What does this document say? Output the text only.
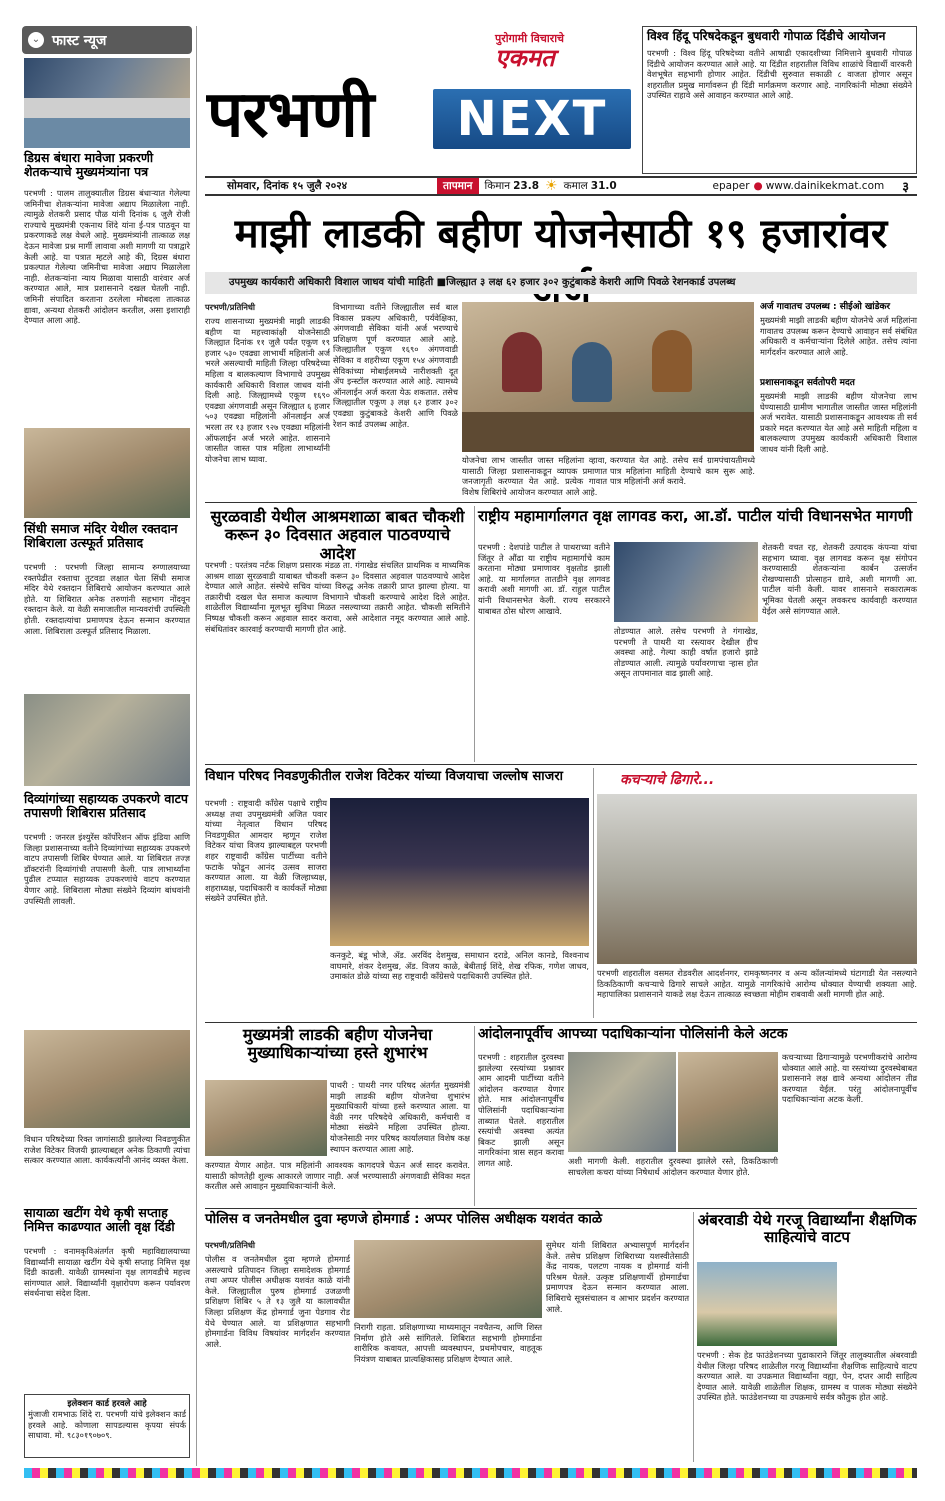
⌄ फास्ट न्यूज
डिग्रस बंधारा मावेजा प्रकरणी शेतकऱ्याचे मुख्यमंत्र्यांना पत्र
परभणी : पालम तालुक्यातील डिग्रस बंधाऱ्यात गेलेल्या जमिनीचा शेतकऱ्यांना मावेजा अद्याप मिळालेला नाही. त्यामुळे शेतकरी प्रसाद पौळ यांनी दिनांक ६ जुलै रोजी राज्याचे मुख्यमंत्री एकनाथ शिंदे यांना ई-पत्र पाठवून या प्रकरणाकडे लक्ष वेधले आहे. मुख्यमंत्र्यांनी तात्काळ लक्ष देऊन मावेजा प्रश्न मार्गी लावावा अशी मागणी या पत्राद्वारे केली आहे. या पत्रात म्हटले आहे की, दिग्रस बंधारा प्रकल्पात गेलेल्या जमिनीचा मावेजा अद्याप मिळालेला नाही. शेतकऱ्यांना न्याय मिळावा यासाठी वारंवार अर्ज करण्यात आले, मात्र प्रशासनाने दखल घेतली नाही. जमिनी संपादित करताना ठरलेला मोबदला तात्काळ द्यावा, अन्यथा शेतकरी आंदोलन करतील, असा इशाराही देण्यात आला आहे.
सिंधी समाज मंदिर येथील रक्तदान शिबिराला उत्स्फूर्त प्रतिसाद
परभणी : परभणी जिल्हा सामान्य रुग्णालयाच्या रक्तपेढीत रक्ताचा तुटवडा लक्षात घेता सिंधी समाज मंदिर येथे रक्तदान शिबिराचे आयोजन करण्यात आले होते. या शिबिरात अनेक तरुणांनी सहभाग नोंदवून रक्तदान केले. या वेळी समाजातील मान्यवरांची उपस्थिती होती. रक्तदात्यांचा प्रमाणपत्र देऊन सन्मान करण्यात आला. शिबिराला उत्स्फूर्त प्रतिसाद मिळाला.
दिव्यांगांच्या सहाय्यक उपकरणे वाटप तपासणी शिबिरास प्रतिसाद
परभणी : जनरल इंश्युरेंस कॉर्पोरेशन ऑफ इंडिया आणि जिल्हा प्रशासनाच्या वतीने दिव्यांगांच्या सहाय्यक उपकरणे वाटप तपासणी शिबिर घेण्यात आले. या शिबिरात तज्ज्ञ डॉक्टरांनी दिव्यांगांची तपासणी केली. पात्र लाभार्थ्यांना पुढील टप्प्यात सहाय्यक उपकरणांचे वाटप करण्यात येणार आहे. शिबिराला मोठ्या संख्येने दिव्यांग बांधवांनी उपस्थिती लावली.
विधान परिषदेच्या रिक्त जागांसाठी झालेल्या निवडणुकीत राजेश विटेकर विजयी झाल्याबद्दल अनेक ठिकाणी त्यांचा सत्कार करण्यात आला. कार्यकर्त्यांनी आनंद व्यक्त केला.
सायाळा खटींग येथे कृषी सप्ताह निमित्त काढण्यात आली वृक्ष दिंडी
परभणी : वनामकृविअंतर्गत कृषी महाविद्यालयाच्या विद्यार्थ्यांनी सायाळा खटींग येथे कृषी सप्ताह निमित्त वृक्ष दिंडी काढली. यावेळी ग्रामस्थांना वृक्ष लागवडीचे महत्त्व सांगण्यात आले. विद्यार्थ्यांनी वृक्षारोपण करून पर्यावरण संवर्धनाचा संदेश दिला.
इलेक्शन कार्ड हरवले आहे
मुंजाजी रामभाऊ शिंदे रा. परभणी यांचे इलेक्शन कार्ड हरवले आहे. कोणाला सापडल्यास कृपया संपर्क साधावा. मो. ९८३०१९०७०९.
पुरोगामी विचाराचे
एकमत
परभणी	NEXT
विश्व हिंदू परिषदेकडून बुधवारी गोपाळ दिंडीचे आयोजन
परभणी : विश्व हिंदू परिषदेच्या वतीने आषाढी एकादशीच्या निमित्ताने बुधवारी गोपाळ दिंडीचे आयोजन करण्यात आले आहे. या दिंडीत शहरातील विविध शाळांचे विद्यार्थी वारकरी वेशभूषेत सहभागी होणार आहेत. दिंडीची सुरुवात सकाळी ८ वाजता होणार असून शहरातील प्रमुख मार्गावरून ही दिंडी मार्गक्रमण करणार आहे. नागरिकांनी मोठ्या संख्येने उपस्थित राहावे असे आवाहन करण्यात आले आहे.
सोमवार, दिनांक १५ जुलै २०२४	तापमान	किमान 23.8 ☀ कमाल 31.0	epaper ● www.dainikekmat.com ३
माझी लाडकी बहीण योजनेसाठी १९ हजारांवर
उपमुख्य कार्यकारी अधिकारी विशाल जाधव यांची माहिती ■जिल्ह्यात ३ लक्ष ६२ हजार ३०२ कुटुंबाकडे केशरी आणि पिवळे रेशनकार्ड उपलब्ध
परभणी/प्रतिनिधी
राज्य शासनाच्या मुख्यमंत्री माझी लाडकी बहीण या महत्त्वाकांक्षी योजनेसाठी जिल्ह्यात दिनांक ११ जुलै पर्यंत एकूण १९ हजार ५३० एवढ्या लाभार्थी महिलांनी अर्ज भरले असल्याची माहिती जिल्हा परिषदेच्या महिला व बालकल्याण विभागाचे उपमुख्य कार्यकारी अधिकारी विशाल जाधव यांनी दिली आहे. जिल्ह्यामध्ये एकूण १६९० एवढ्या अंगणवाडी असून जिल्ह्यात ६ हजार ५०३ एवढ्या महिलांनी ऑनलाईन अर्ज भरला तर १३ हजार ९२७ एवढ्या महिलांनी ऑफलाईन अर्ज भरले आहेत. शासनाने जास्तीत जास्त पात्र महिला लाभार्थ्यांनी योजनेचा लाभ घ्यावा.
विभागाच्या वतीने जिल्ह्यातील सर्व बाल विकास प्रकल्प अधिकारी, पर्यवेक्षिका, अंगणवाडी सेविका यांनी अर्ज भरण्याचे प्रशिक्षण पूर्ण करण्यात आले आहे. जिल्ह्यातील एकूण १६९० अंगणवाडी सेविका व शहरीच्या एकूण १५४ अंगणवाडी सेविकांच्या मोबाईलमध्ये नारीशक्ती दूत ॲप इन्स्टॉल करण्यात आले आहे. त्यामध्ये ऑनलाईन अर्ज करता येऊ शकतात. तसेच जिल्ह्यातील एकूण ३ लक्ष ६२ हजार ३०२ एवढ्या कुटुंबाकडे केशरी आणि पिवळे रेशन कार्ड उपलब्ध आहेत.
योजनेचा लाभ जास्तीत जास्त महिलांना व्हावा, यासाठी जिल्हा प्रशासनाकडून व्यापक प्रमाणात जनजागृती करण्यात येत आहे. प्रत्येक गावात विशेष शिबिरांचे आयोजन करण्यात आले आहे.
करण्यात येत आहे. तसेच सर्व ग्रामपंचायतीमध्ये पात्र महिलांना माहिती देण्याचे काम सुरू आहे. पात्र महिलांनी अर्ज करावे.
अर्ज गावातच उपलब्ध : सीईओ खांडेकर
मुख्यमंत्री माझी लाडकी बहीण योजनेचे अर्ज महिलांना गावातच उपलब्ध करून देण्याचे आवाहन सर्व संबंधित अधिकारी व कर्मचाऱ्यांना दिलेले आहेत. तसेच त्यांना मार्गदर्शन करण्यात आले आहे.
प्रशासनाकडून सर्वतोपरी मदत
मुख्यमंत्री माझी लाडकी बहीण योजनेचा लाभ घेण्यासाठी ग्रामीण भागातील जास्तीत जास्त महिलांनी अर्ज भरावेत. यासाठी प्रशासनाकडून आवश्यक ती सर्व प्रकारे मदत करण्यात येत आहे असे माहिती महिला व बालकल्याण उपमुख्य कार्यकारी अधिकारी विशाल जाधव यांनी दिली आहे.
सुरळवाडी येथील आश्रमशाळा बाबत चौकशी करून ३० दिवसात अहवाल पाठवण्याचे आदेश
परभणी : परतंत्रय नर्टक शिक्षण प्रसारक मंडळ ता. गंगाखेड संचलित प्राथमिक व माध्यमिक आश्रम शाळा सुरळवाडी याबाबत चौकशी करून ३० दिवसात अहवाल पाठवण्याचे आदेश देण्यात आले आहेत. संस्थेचे सचिव यांच्या विरुद्ध अनेक तक्रारी प्राप्त झाल्या होत्या. या तक्रारीची दखल घेत समाज कल्याण विभागाने चौकशी करण्याचे आदेश दिले आहेत. शाळेतील विद्यार्थ्यांना मूलभूत सुविधा मिळत नसल्याच्या तक्रारी आहेत. चौकशी समितीने निष्पक्ष चौकशी करून अहवाल सादर करावा, असे आदेशात नमूद करण्यात आले आहे. संबंधितांवर कारवाई करण्याची मागणी होत आहे.
राष्ट्रीय महामार्गालगत वृक्ष लागवड करा, आ.डॉ. पाटील यांची विधानसभेत मागणी
परभणी : देशपांडे पाटील ते पाथराच्या वतीने जिंतूर ते औंढा या राष्ट्रीय महामार्गाचे काम करताना मोठ्या प्रमाणावर वृक्षतोड झाली आहे. या मार्गालगत तातडीने वृक्ष लागवड करावी अशी मागणी आ. डॉ. राहुल पाटील यांनी विधानसभेत केली. राज्य सरकारने याबाबत ठोस धोरण आखावे.
तोडण्यात आले. तसेच परभणी ते गंगाखेड, परभणी ते पाथरी या रस्त्यावर देखील हीच अवस्था आहे. गेल्या काही वर्षात हजारो झाडे तोडण्यात आली. त्यामुळे पर्यावरणाचा ऱ्हास होत असून तापमानात वाढ झाली आहे.
शेतकरी वचत रह, शेतकरी उत्पादक कंपन्या यांचा सहभाग घ्यावा. वृक्ष लागवड करून वृक्ष संगोपन करण्यासाठी शेतकऱ्यांना कार्बन उत्सर्जन रोखण्यासाठी प्रोत्साहन द्यावे, अशी मागणी आ. पाटील यांनी केली. यावर शासनाने सकारात्मक भूमिका घेतली असून लवकरच कार्यवाही करण्यात येईल असे सांगण्यात आले.
विधान परिषद निवडणुकीतील राजेश विटेकर यांच्या विजयाचा जल्लोष साजरा
परभणी : राष्ट्रवादी काँग्रेस पक्षाचे राष्ट्रीय अध्यक्ष तथा उपमुख्यमंत्री अजित पवार यांच्या नेतृत्वात विधान परिषद निवडणुकीत आमदार म्हणून राजेश विटेकर यांचा विजय झाल्याबद्दल परभणी शहर राष्ट्रवादी काँग्रेस पार्टीच्या वतीने फटाके फोडून आनंद उत्सव साजरा करण्यात आला. या वेळी जिल्हाध्यक्ष, शहराध्यक्ष, पदाधिकारी व कार्यकर्ते मोठ्या संख्येने उपस्थित होते.
कनकुटे, बंडू भोजे, ॲड. अरविंद देशमुख, समाधान दराडे, अनिल कानडे, विश्वनाथ वाघमारे, शंकर देशमुख, ॲड. विजय काळे, बेबीताई शिंदे, शेख रफिक, गणेश जाधव, उमाकांत डोळे यांच्या सह राष्ट्रवादी काँग्रेसचे पदाधिकारी उपस्थित होते.
कचऱ्याचे ढिगारे...
परभणी शहरातील वसमत रोडवरील आदर्शनगर, रामकृष्णनगर व अन्य कॉलन्यांमध्ये घंटागाडी येत नसल्याने ठिकठिकाणी कचऱ्याचे ढिगारे साचले आहेत. यामुळे नागरिकांचे आरोग्य धोक्यात येण्याची शक्यता आहे. महापालिका प्रशासनाने याकडे लक्ष देऊन तात्काळ स्वच्छता मोहीम राबवावी अशी मागणी होत आहे.
मुख्यमंत्री लाडकी बहीण योजनेचा मुख्याधिकाऱ्यांच्या हस्ते शुभारंभ
पाथरी : पाथरी नगर परिषद अंतर्गत मुख्यमंत्री माझी लाडकी बहीण योजनेचा शुभारंभ मुख्याधिकारी यांच्या हस्ते करण्यात आला. या वेळी नगर परिषदेचे अधिकारी, कर्मचारी व मोठ्या संख्येने महिला उपस्थित होत्या. योजनेसाठी नगर परिषद कार्यालयात विशेष कक्ष स्थापन करण्यात आला आहे.
करण्यात येणार आहेत. पात्र महिलांनी आवश्यक कागदपत्रे घेऊन अर्ज सादर करावेत. यासाठी कोणतेही शुल्क आकारले जाणार नाही. अर्ज भरण्यासाठी अंगणवाडी सेविका मदत करतील असे आवाहन मुख्याधिकाऱ्यांनी केले.
आंदोलनापूर्वीच आपच्या पदाधिकाऱ्यांना पोलिसांनी केले अटक
परभणी : शहरातील दुरवस्था झालेल्या रस्त्यांच्या प्रश्नावर आम आदमी पार्टीच्या वतीने आंदोलन करण्यात येणार होते. मात्र आंदोलनापूर्वीच पोलिसांनी पदाधिकाऱ्यांना ताब्यात घेतले. शहरातील रस्त्यांची अवस्था अत्यंत बिकट झाली असून नागरिकांना त्रास सहन करावा लागत आहे.	अशी मागणी केली. शहरातील दुरवस्था झालेले रस्ते, ठिकठिकाणी साचलेला कचरा यांच्या निषेधार्थ आंदोलन करण्यात येणार होते.
कचऱ्याच्या ढिगाऱ्यामुळे परभणीकरांचे आरोग्य धोक्यात आले आहे. या रस्त्यांच्या दुरवस्थेबाबत प्रशासनाने लक्ष द्यावे अन्यथा आंदोलन तीव्र करण्यात येईल. परंतु आंदोलनापूर्वीच पदाधिकाऱ्यांना अटक केली.
पोलिस व जनतेमधील दुवा म्हणजे होमगार्ड : अप्पर पोलिस अधीक्षक यशवंत काळे
परभणी/प्रतिनिधी
पोलीस व जनतेमधील दुवा म्हणजे होमगार्ड असल्याचे प्रतिपादन जिल्हा समादेशक होमगार्ड तथा अप्पर पोलीस अधीक्षक यशवंत काळे यांनी केले. जिल्ह्यातील पुरुष होमगार्ड उजळणी प्रशिक्षण शिबिर ५ ते १३ जुलै या कालावधीत जिल्हा प्रशिक्षण केंद्र होमगार्ड जुना पेडगाव रोड येथे घेण्यात आले. या प्रशिक्षणात सहभागी होमगार्डना विविध विषयांवर मार्गदर्शन करण्यात आले.
निरागी राहता. प्रशिक्षणाच्या माध्यमातून नवचैतन्य, आणि शिस्त निर्माण होते असे सांगितले. शिबिरात सहभागी होमगार्डना शारीरिक कवायत, आपत्ती व्यवस्थापन, प्रथमोपचार, वाहतूक नियंत्रण याबाबत प्रात्यक्षिकासह प्रशिक्षण देण्यात आले.
सुमेधर यांनी शिबिरात अभ्यासपूर्ण मार्गदर्शन केले. तसेच प्रशिक्षण शिबिराच्या यशस्वीतेसाठी केंद्र नायक, पलटण नायक व होमगार्ड यांनी परिश्रम घेतले. उत्कृष्ट प्रशिक्षणार्थी होमगार्डचा प्रमाणपत्र देऊन सन्मान करण्यात आला. शिबिराचे सूत्रसंचालन व आभार प्रदर्शन करण्यात आले.
अंबरवाडी येथे गरजू विद्यार्थ्यांना शैक्षणिक साहित्यांचे वाटप
परभणी : सेक हेड फाउंडेशनच्या पुढाकाराने जिंतूर तालुक्यातील अंबरवाडी येथील जिल्हा परिषद शाळेतील गरजू विद्यार्थ्यांना शैक्षणिक साहित्याचे वाटप करण्यात आले. या उपक्रमात विद्यार्थ्यांना वह्या, पेन, दप्तर आदी साहित्य देण्यात आले. यावेळी शाळेतील शिक्षक, ग्रामस्थ व पालक मोठ्या संख्येने उपस्थित होते. फाउंडेशनच्या या उपक्रमाचे सर्वत्र कौतुक होत आहे.
